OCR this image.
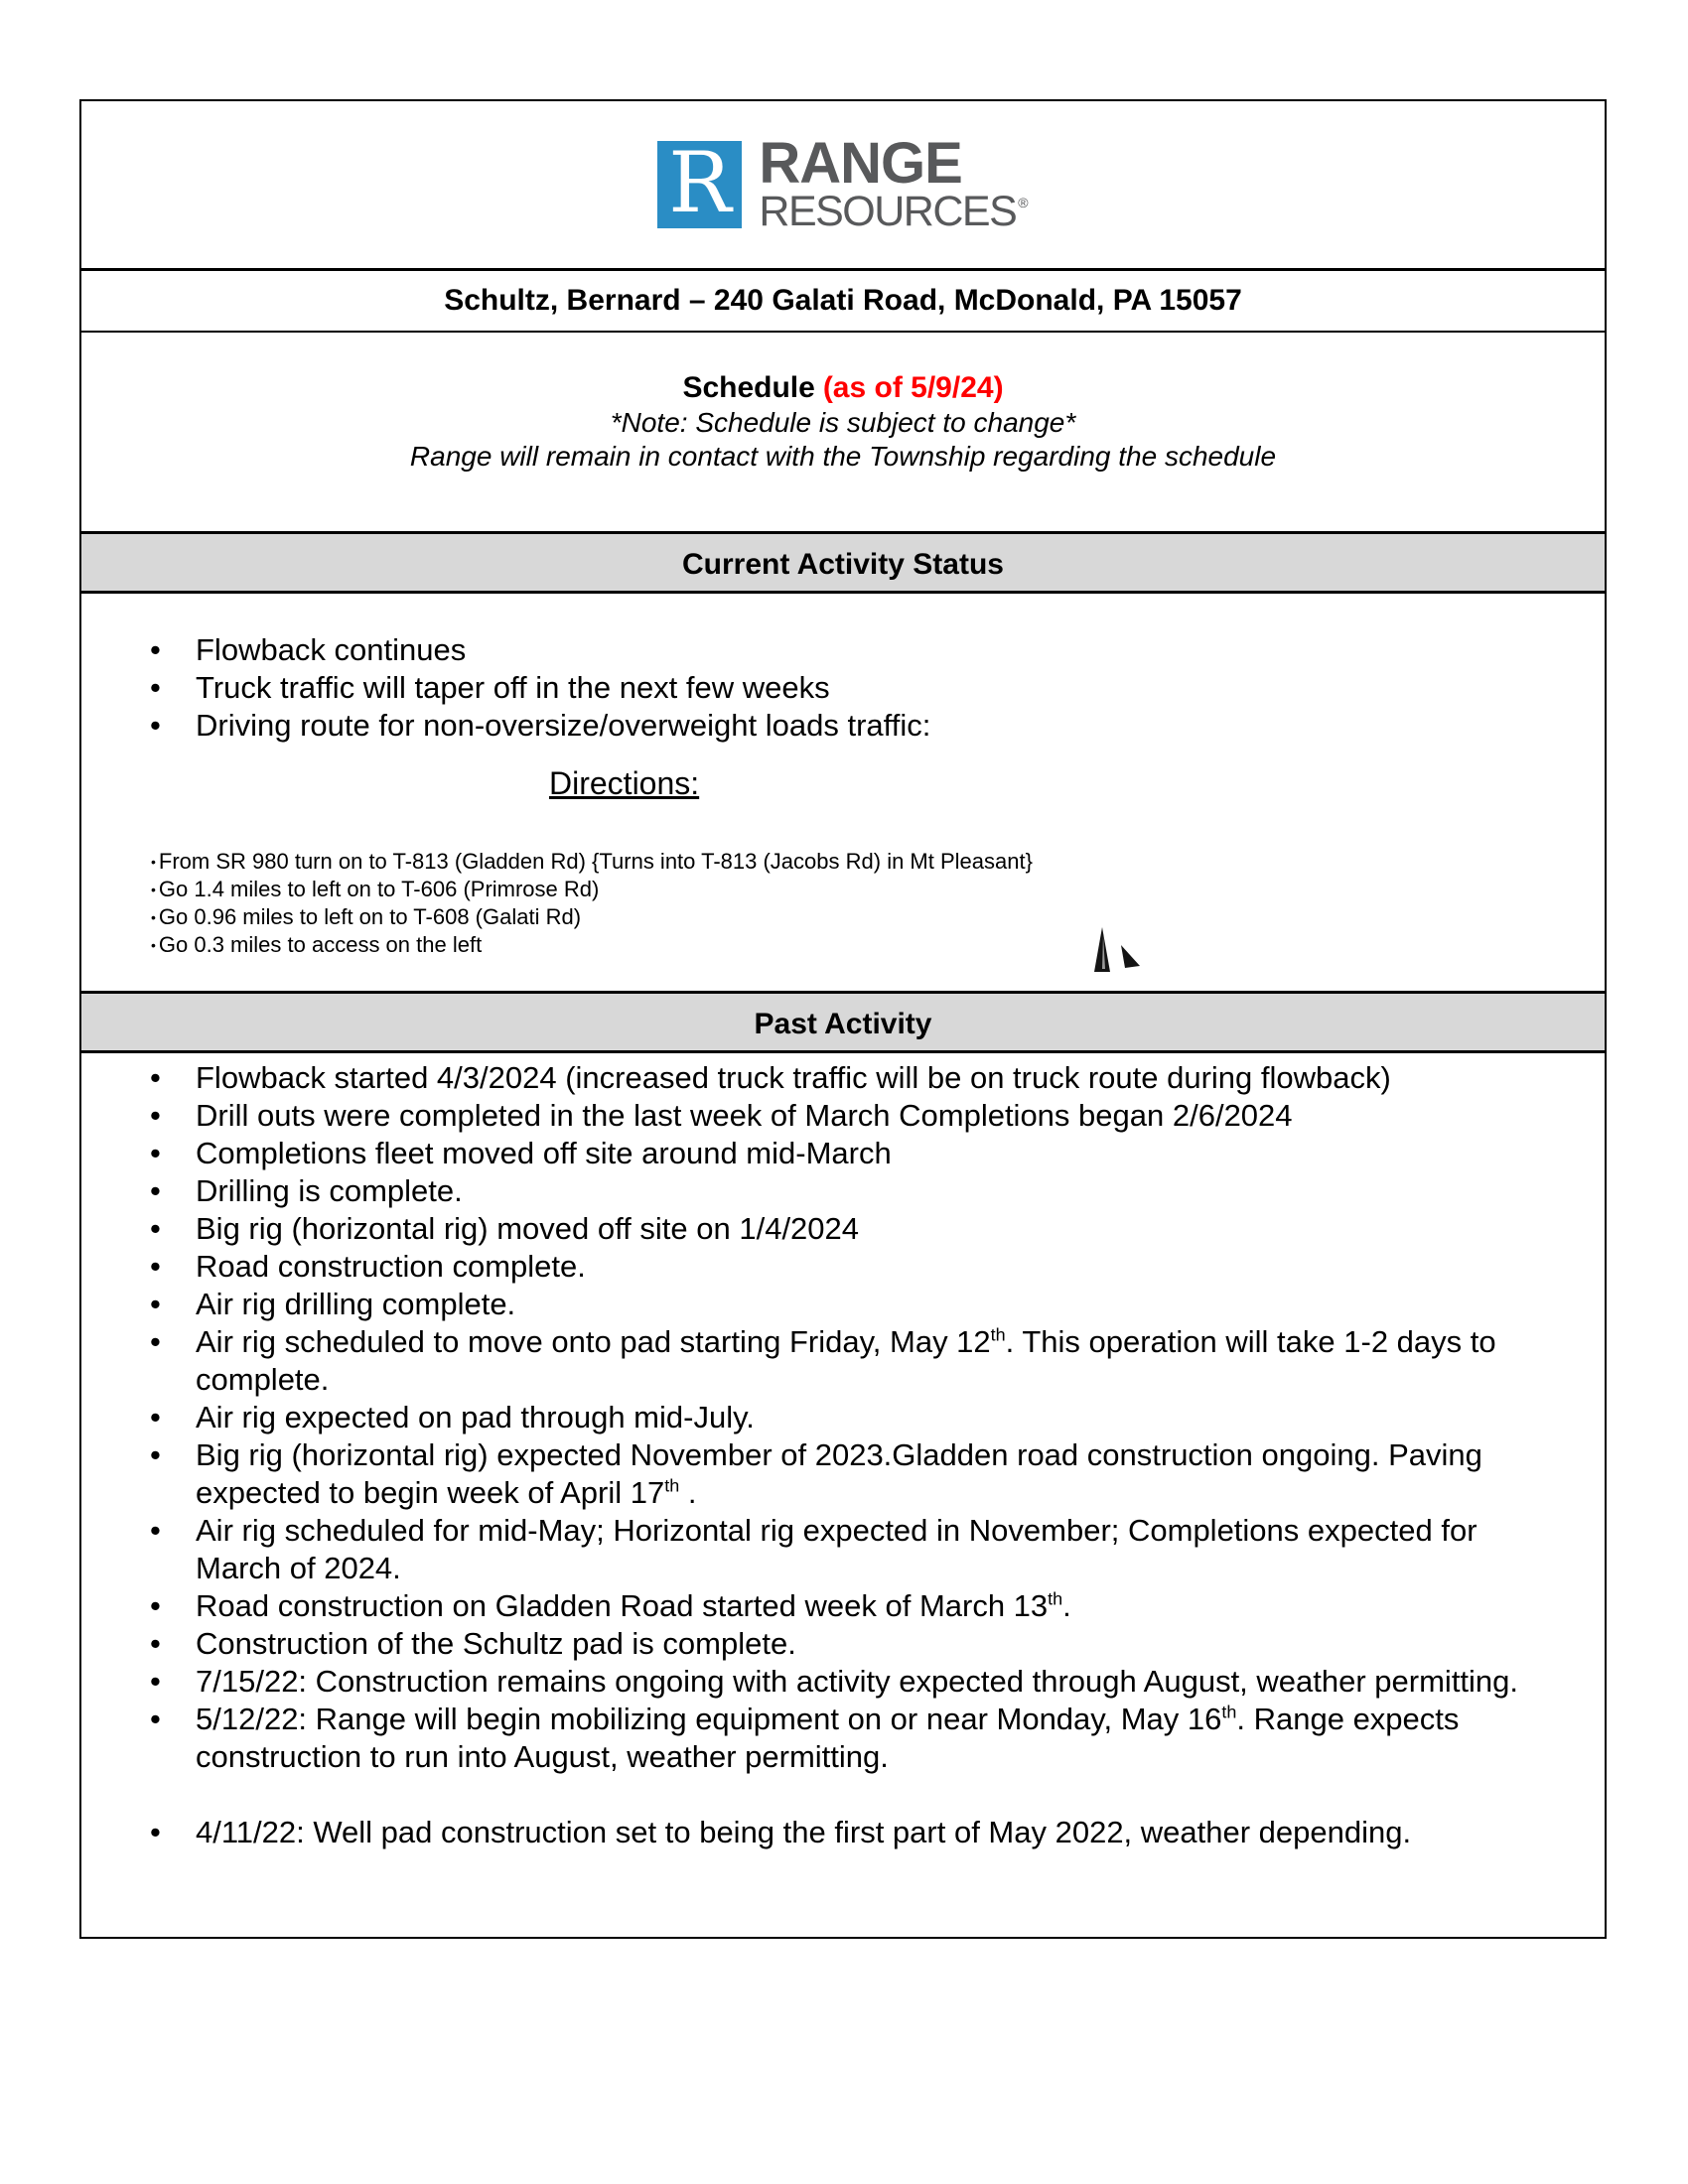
R RANGE
RESOURCES ®
Schultz, Bernard – 240 Galati Road, McDonald, PA 15057
Schedule (as of 5/9/24)
*Note: Schedule is subject to change*
Range will remain in contact with the Township regarding the schedule
Current Activity Status
• Flowback continues
• Truck traffic will taper off in the next few weeks
• Driving route for non-oversize/overweight loads traffic:
Directions:
• From SR 980 turn on to T-813 (Gladden Rd) {Turns into T-813 (Jacobs Rd) in Mt Pleasant}
• Go 1.4 miles to left on to T-606 (Primrose Rd)
• Go 0.96 miles to left on to T-608 (Galati Rd)
• Go 0.3 miles to access on the left
Past Activity
• Flowback started 4/3/2024 (increased truck traffic will be on truck route during flowback)
• Drill outs were completed in the last week of March Completions began 2/6/2024
• Completions fleet moved off site around mid-March
• Drilling is complete.
• Big rig (horizontal rig) moved off site on 1/4/2024
• Road construction complete.
• Air rig drilling complete.
• Air rig scheduled to move onto pad starting Friday, May 12th. This operation will take 1-2 days to complete.
• Air rig expected on pad through mid-July.
• Big rig (horizontal rig) expected November of 2023.Gladden road construction ongoing. Paving expected to begin week of April 17th .
• Air rig scheduled for mid-May; Horizontal rig expected in November; Completions expected for March of 2024.
• Road construction on Gladden Road started week of March 13th.
• Construction of the Schultz pad is complete.
• 7/15/22: Construction remains ongoing with activity expected through August, weather permitting.
• 5/12/22: Range will begin mobilizing equipment on or near Monday, May 16th. Range expects construction to run into August, weather permitting.
• 4/11/22: Well pad construction set to being the first part of May 2022, weather depending.
